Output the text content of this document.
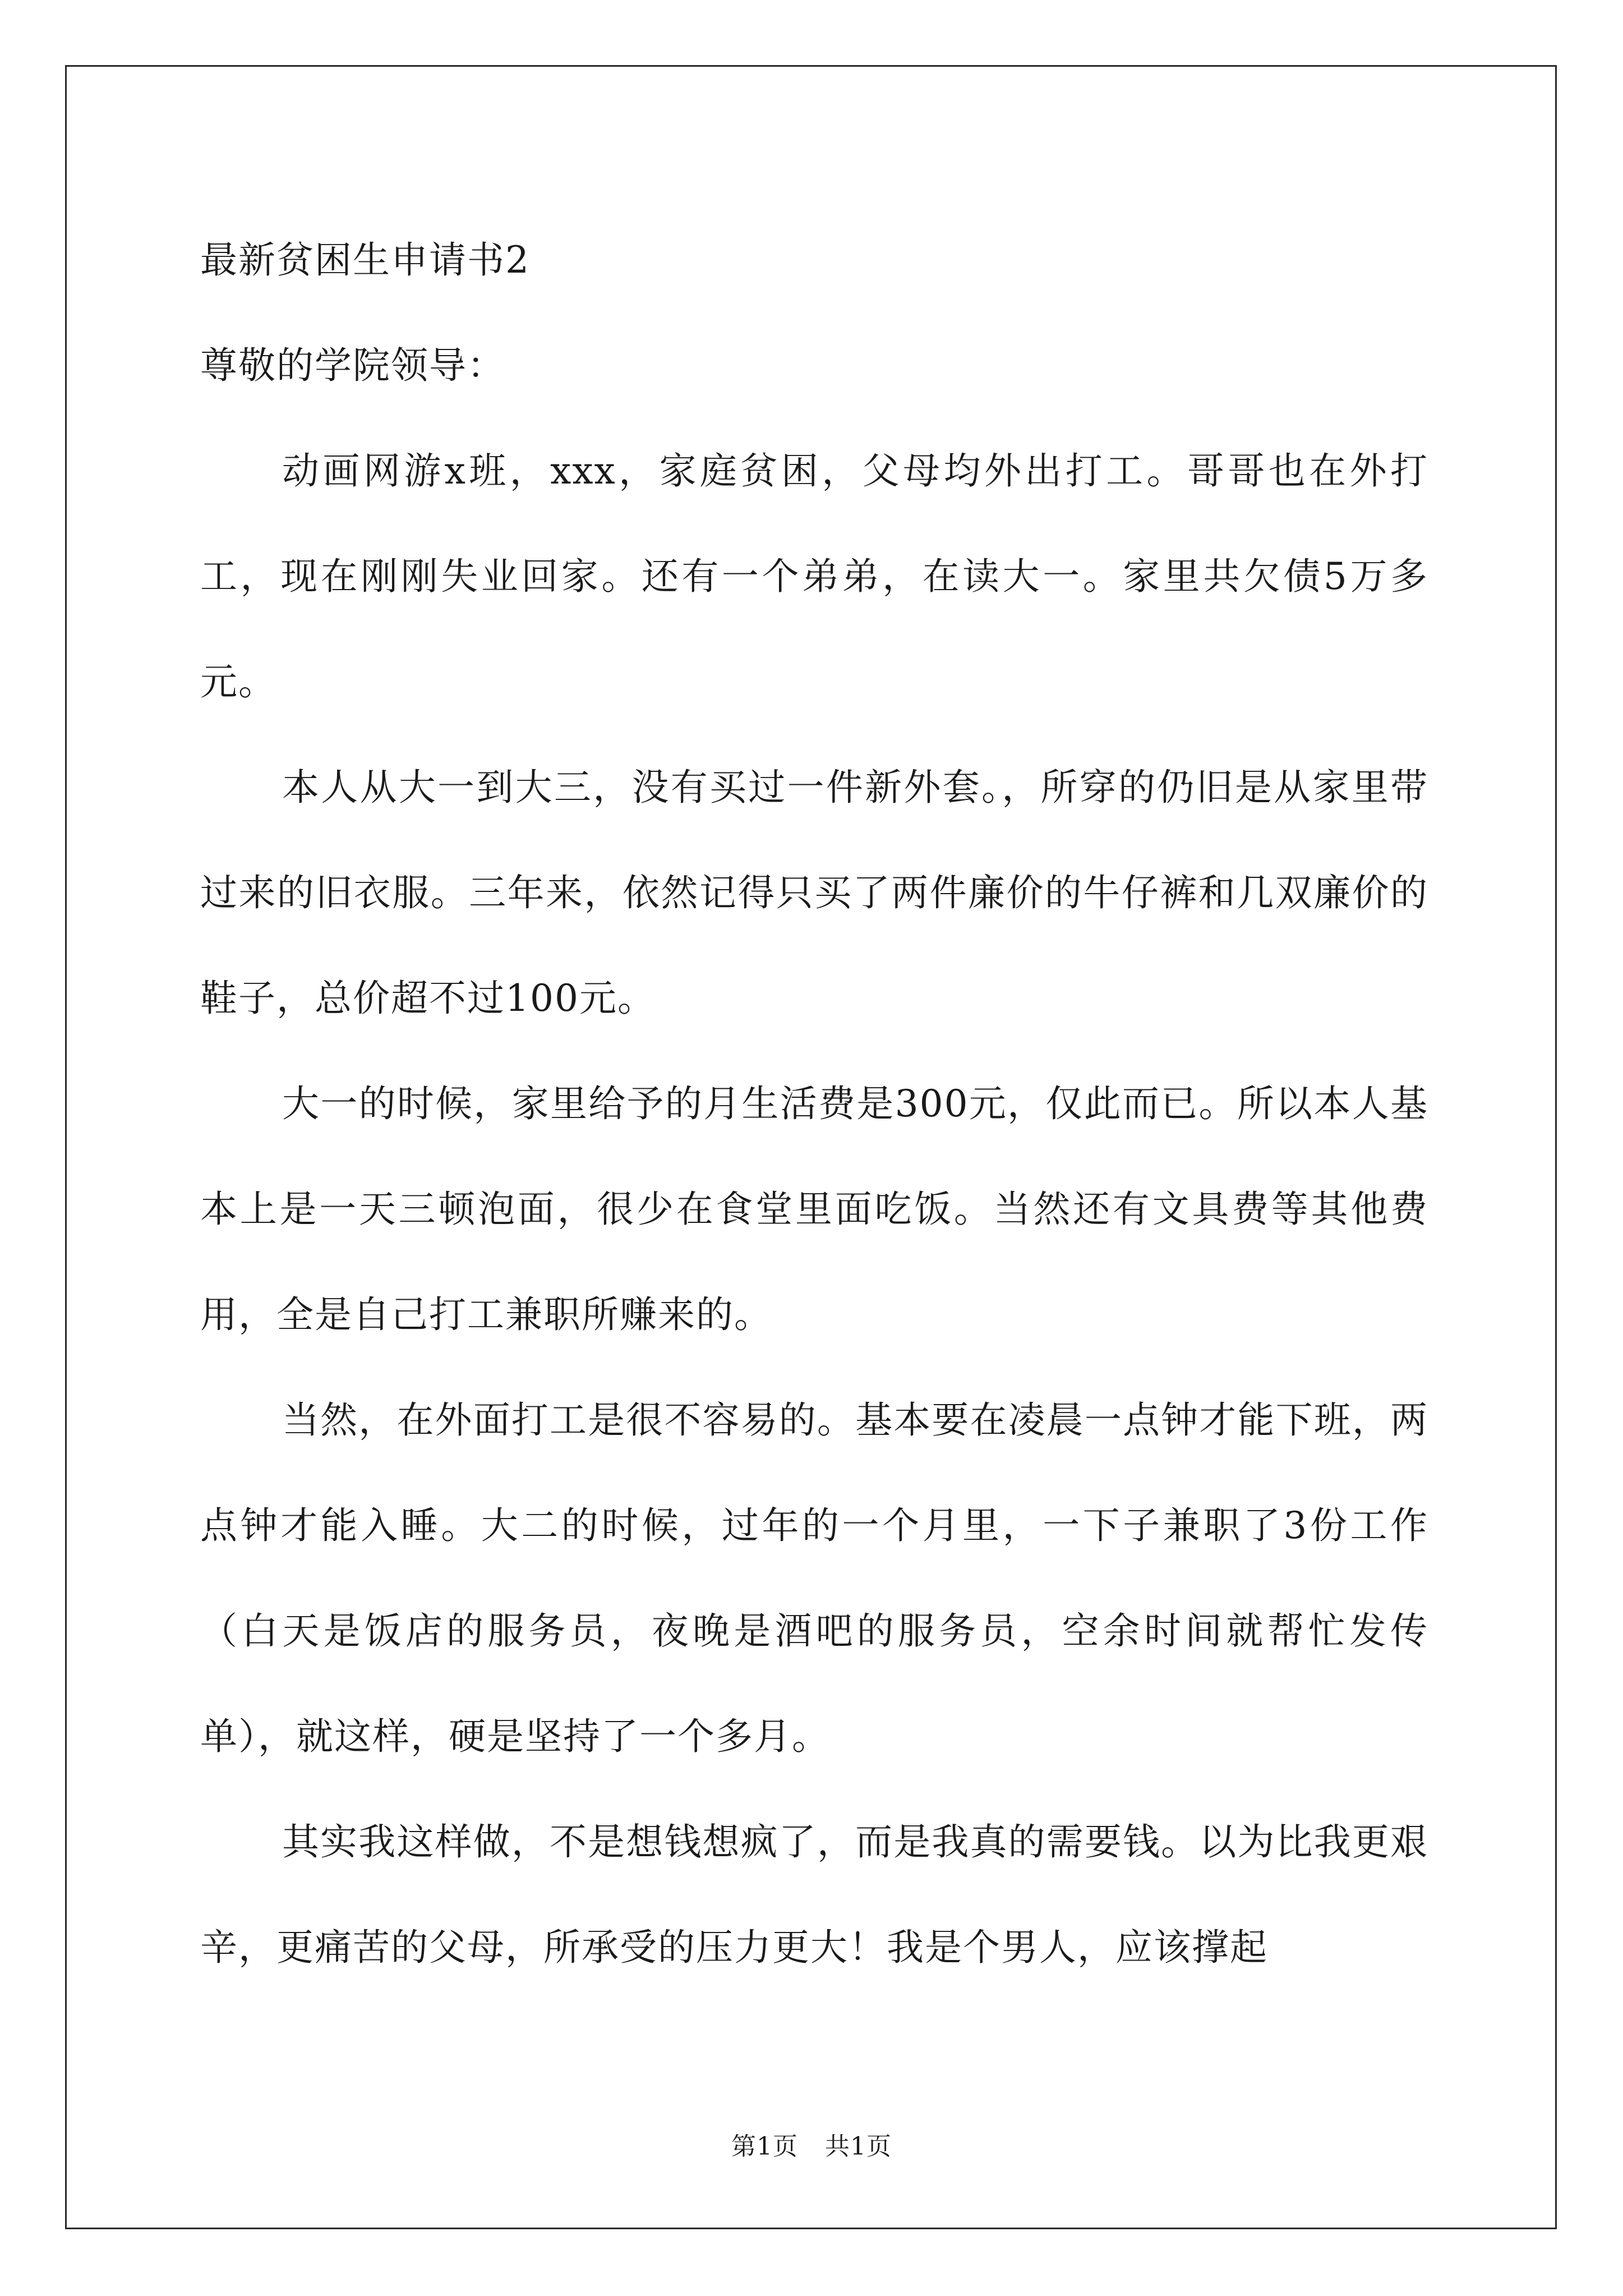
最新贫困生申请书2
尊敬的学院领导：

动画网游x班，xxx，家庭贫困，父母均外出打工。哥哥也在外打工，现在刚刚失业回家。还有一个弟弟，在读大一。家里共欠债5万多元。

本人从大一到大三，没有买过一件新外套。，所穿的仍旧是从家里带过来的旧衣服。三年来，依然记得只买了两件廉价的牛仔裤和几双廉价的鞋子，总价超不过100元。

大一的时候，家里给予的月生活费是300元，仅此而已。所以本人基本上是一天三顿泡面，很少在食堂里面吃饭。当然还有文具费等其他费用，全是自己打工兼职所赚来的。

当然，在外面打工是很不容易的。基本要在凌晨一点钟才能下班，两点钟才能入睡。大二的时候，过年的一个月里，一下子兼职了3份工作（白天是饭店的服务员，夜晚是酒吧的服务员，空余时间就帮忙发传单），就这样，硬是坚持了一个多月。

其实我这样做，不是想钱想疯了，而是我真的需要钱。以为比我更艰辛，更痛苦的父母，所承受的压力更大！我是个男人，应该撑起

第1页 共1页
